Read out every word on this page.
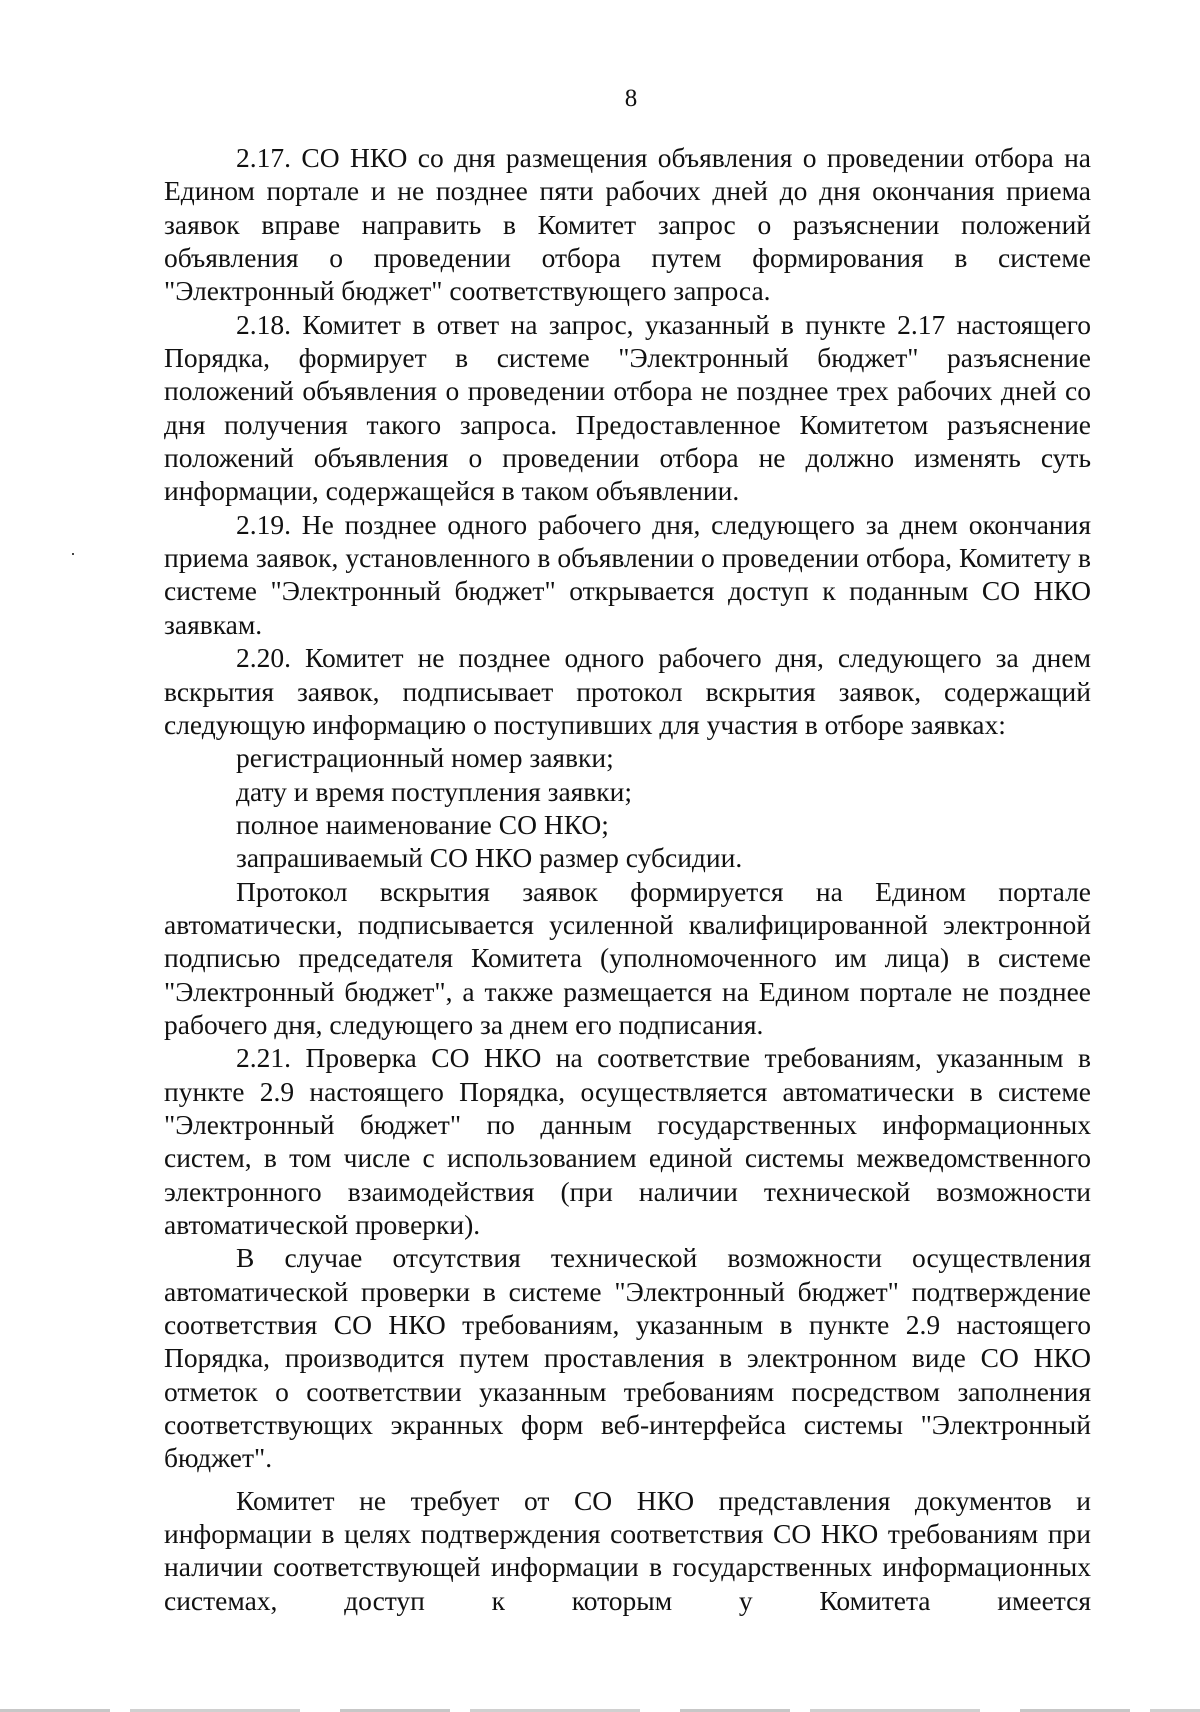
8

2.17. СО НКО со дня размещения объявления о проведении отбора на Едином портале и не позднее пяти рабочих дней до дня окончания приема заявок вправе направить в Комитет запрос о разъяснении положений объявления о проведении отбора путем формирования в системе "Электронный бюджет" соответствующего запроса.

2.18. Комитет в ответ на запрос, указанный в пункте 2.17 настоящего Порядка, формирует в системе "Электронный бюджет" разъяснение положений объявления о проведении отбора не позднее трех рабочих дней со дня получения такого запроса. Предоставленное Комитетом разъяснение положений объявления о проведении отбора не должно изменять суть информации, содержащейся в таком объявлении.

2.19. Не позднее одного рабочего дня, следующего за днем окончания приема заявок, установленного в объявлении о проведении отбора, Комитету в системе "Электронный бюджет" открывается доступ к поданным СО НКО заявкам.

2.20. Комитет не позднее одного рабочего дня, следующего за днем вскрытия заявок, подписывает протокол вскрытия заявок, содержащий следующую информацию о поступивших для участия в отборе заявках:

регистрационный номер заявки;

дату и время поступления заявки;

полное наименование СО НКО;

запрашиваемый СО НКО размер субсидии.

Протокол вскрытия заявок формируется на Едином портале автоматически, подписывается усиленной квалифицированной электронной подписью председателя Комитета (уполномоченного им лица) в системе "Электронный бюджет", а также размещается на Едином портале не позднее рабочего дня, следующего за днем его подписания.

2.21. Проверка СО НКО на соответствие требованиям, указанным в пункте 2.9 настоящего Порядка, осуществляется автоматически в системе "Электронный бюджет" по данным государственных информационных систем, в том числе с использованием единой системы межведомственного электронного взаимодействия (при наличии технической возможности автоматической проверки).

В случае отсутствия технической возможности осуществления автоматической проверки в системе "Электронный бюджет" подтверждение соответствия СО НКО требованиям, указанным в пункте 2.9 настоящего Порядка, производится путем проставления в электронном виде СО НКО отметок о соответствии указанным требованиям посредством заполнения соответствующих экранных форм веб-интерфейса системы "Электронный бюджет".

Комитет не требует от СО НКО представления документов и информации в целях подтверждения соответствия СО НКО требованиям при наличии соответствующей информации в государственных информационных системах, доступ к которым у Комитета имеется
